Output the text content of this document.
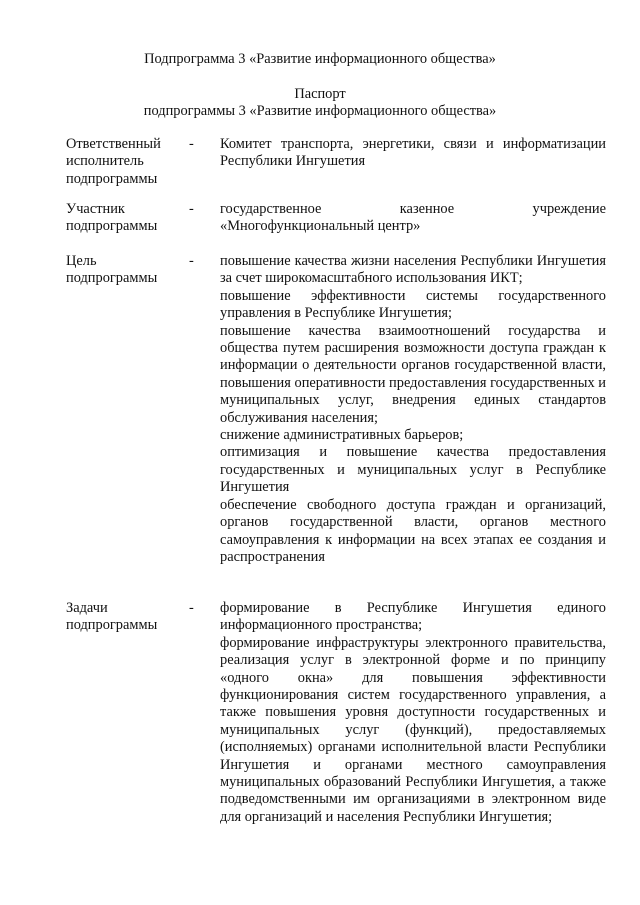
Подпрограмма 3 «Развитие информационного общества»
Паспорт
подпрограммы 3 «Развитие информационного общества»
Ответственный исполнитель подпрограммы
- Комитет транспорта, энергетики, связи и информатизации Республики Ингушетия

Участник подпрограммы
- государственное казенное учреждение «Многофункциональный центр»

Цель подпрограммы
- повышение качества жизни населения Республики Ингушетия за счет широкомасштабного использования ИКТ;

повышение эффективности системы государственного управления в Республике Ингушетия;

повышение качества взаимоотношений государства и общества путем расширения возможности доступа граждан к информации о деятельности органов государственной власти, повышения оперативности предоставления государственных и муниципальных услуг, внедрения единых стандартов обслуживания населения;

снижение административных барьеров;

оптимизация и повышение качества предоставления государственных и муниципальных услуг в Республике Ингушетия

обеспечение свободного доступа граждан и организаций, органов государственной власти, органов местного самоуправления к информации на всех этапах ее создания и распространения

Задачи подпрограммы
- формирование в Республике Ингушетия единого информационного пространства;

формирование инфраструктуры электронного правительства, реализация услуг в электронной форме и по принципу «одного окна» для повышения эффективности функционирования систем государственного управления, а также повышения уровня доступности государственных и муниципальных услуг (функций), предоставляемых (исполняемых) органами исполнительной власти Республики Ингушетия и органами местного самоуправления муниципальных образований Республики Ингушетия, а также подведомственными им организациями в электронном виде для организаций и населения Республики Ингушетия;
